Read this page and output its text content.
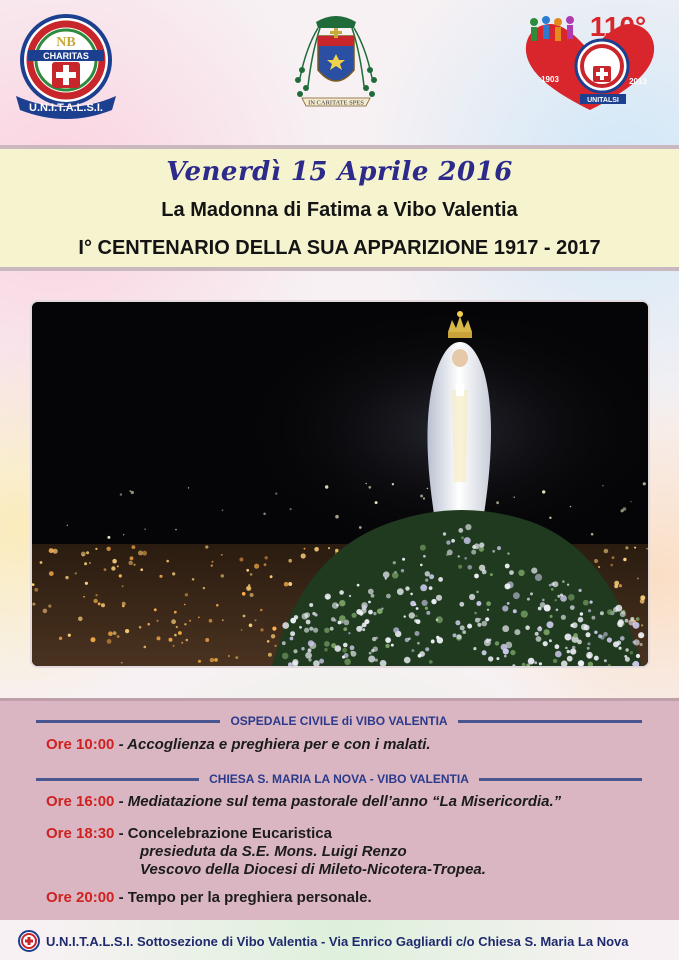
NB
CHARITAS
U.N.I.T.A.L.S.I.	IN CARITATE SPES
110°
1903	2013
UNITALSI
Venerdì 15 Aprile 2016
La Madonna di Fatima a Vibo Valentia
I° CENTENARIO DELLA SUA APPARIZIONE 1917 - 2017
OSPEDALE CIVILE di VIBO VALENTIA
Ore 10:00 - Accoglienza e preghiera per e con i malati.
CHIESA S. MARIA LA NOVA - VIBO VALENTIA
Ore 16:00 - Mediatazione sul tema pastorale dell’anno “La Misericordia.”
Ore 18:30 - Concelebrazione Eucaristica
presieduta da S.E. Mons. Luigi Renzo
Vescovo della Diocesi di Mileto-Nicotera-Tropea.
Ore 20:00 - Tempo per la preghiera personale.
U.N.I.T.A.L.S.I. Sottosezione di Vibo Valentia - Via Enrico Gagliardi c/o Chiesa S. Maria La Nova
